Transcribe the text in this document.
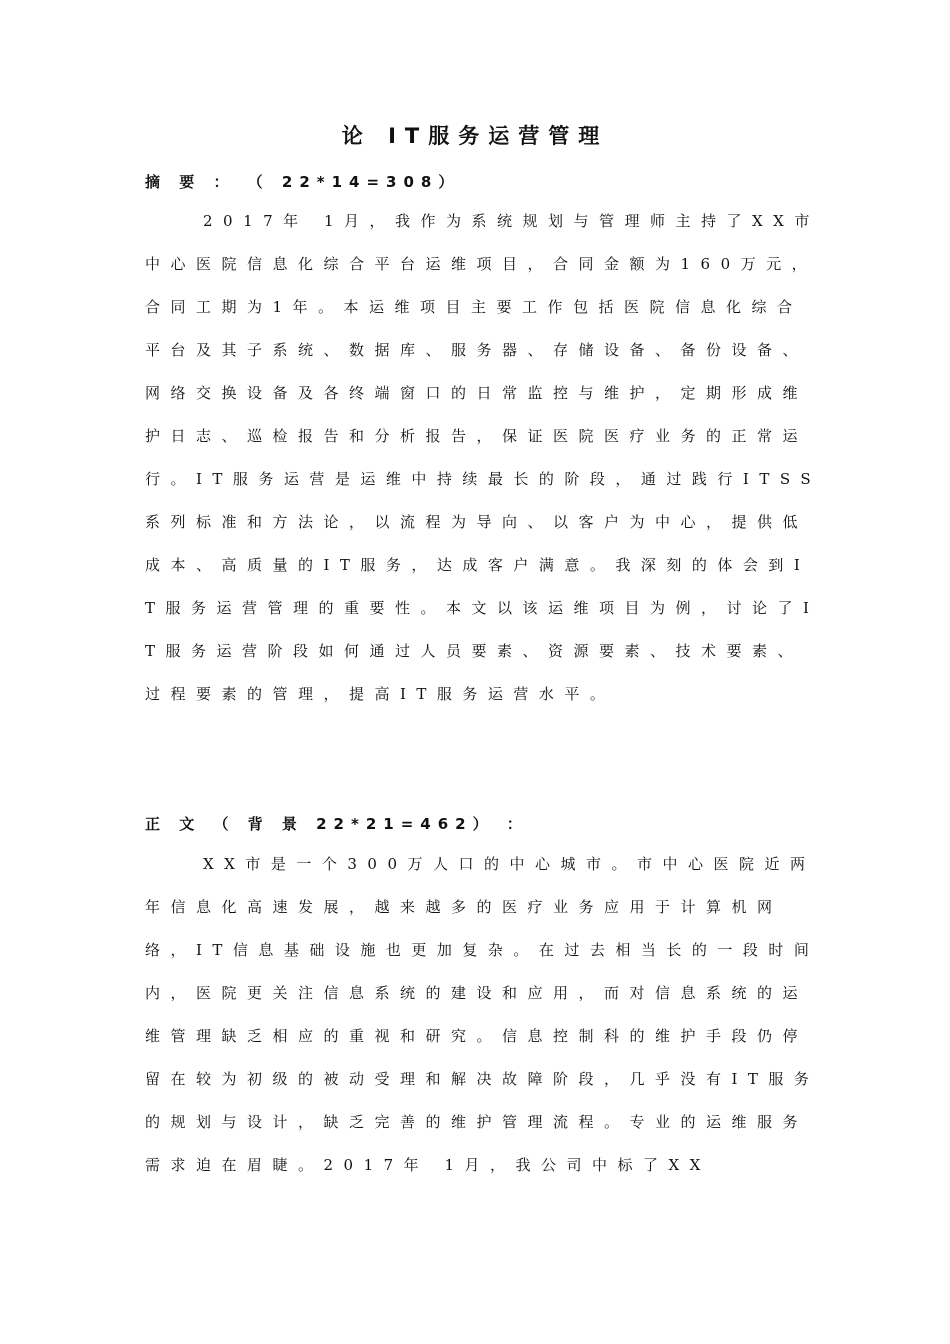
论 IT服务运营管理
摘 要 ： （ 22*14=308）
2017年 1月，我作为系统规划与管理师主持了XX市中心医院信息化综合平台运维项目，合同金额为160万元，合同工期为1年。本运维项目主要工作包括医院信息化综合平台及其子系统、数据库、服务器、存储设备、备份设备、网络交换设备及各终端窗口的日常监控与维护，定期形成维护日志、巡检报告和分析报告，保证医院医疗业务的正常运行。IT服务运营是运维中持续最长的阶段，通过践行ITSS系列标准和方法论，以流程为导向、以客户为中心，提供低成本、高质量的IT服务，达成客户满意。我深刻的体会到IT服务运营管理的重要性。本文以该运维项目为例，讨论了IT服务运营阶段如何通过人员要素、资源要素、技术要素、过程要素的管理，提高IT服务运营水平。
正 文 （ 背 景 22*21=462） ：
XX市是一个300万人口的中心城市。市中心医院近两年信息化高速发展，越来越多的医疗业务应用于计算机网络，IT信息基础设施也更加复杂。在过去相当长的一段时间内，医院更关注信息系统的建设和应用，而对信息系统的运维管理缺乏相应的重视和研究。信息控制科的维护手段仍停留在较为初级的被动受理和解决故障阶段，几乎没有IT服务的规划与设计，缺乏完善的维护管理流程。专业的运维服务需求迫在眉睫。2017年 1月，我公司中标了XX
